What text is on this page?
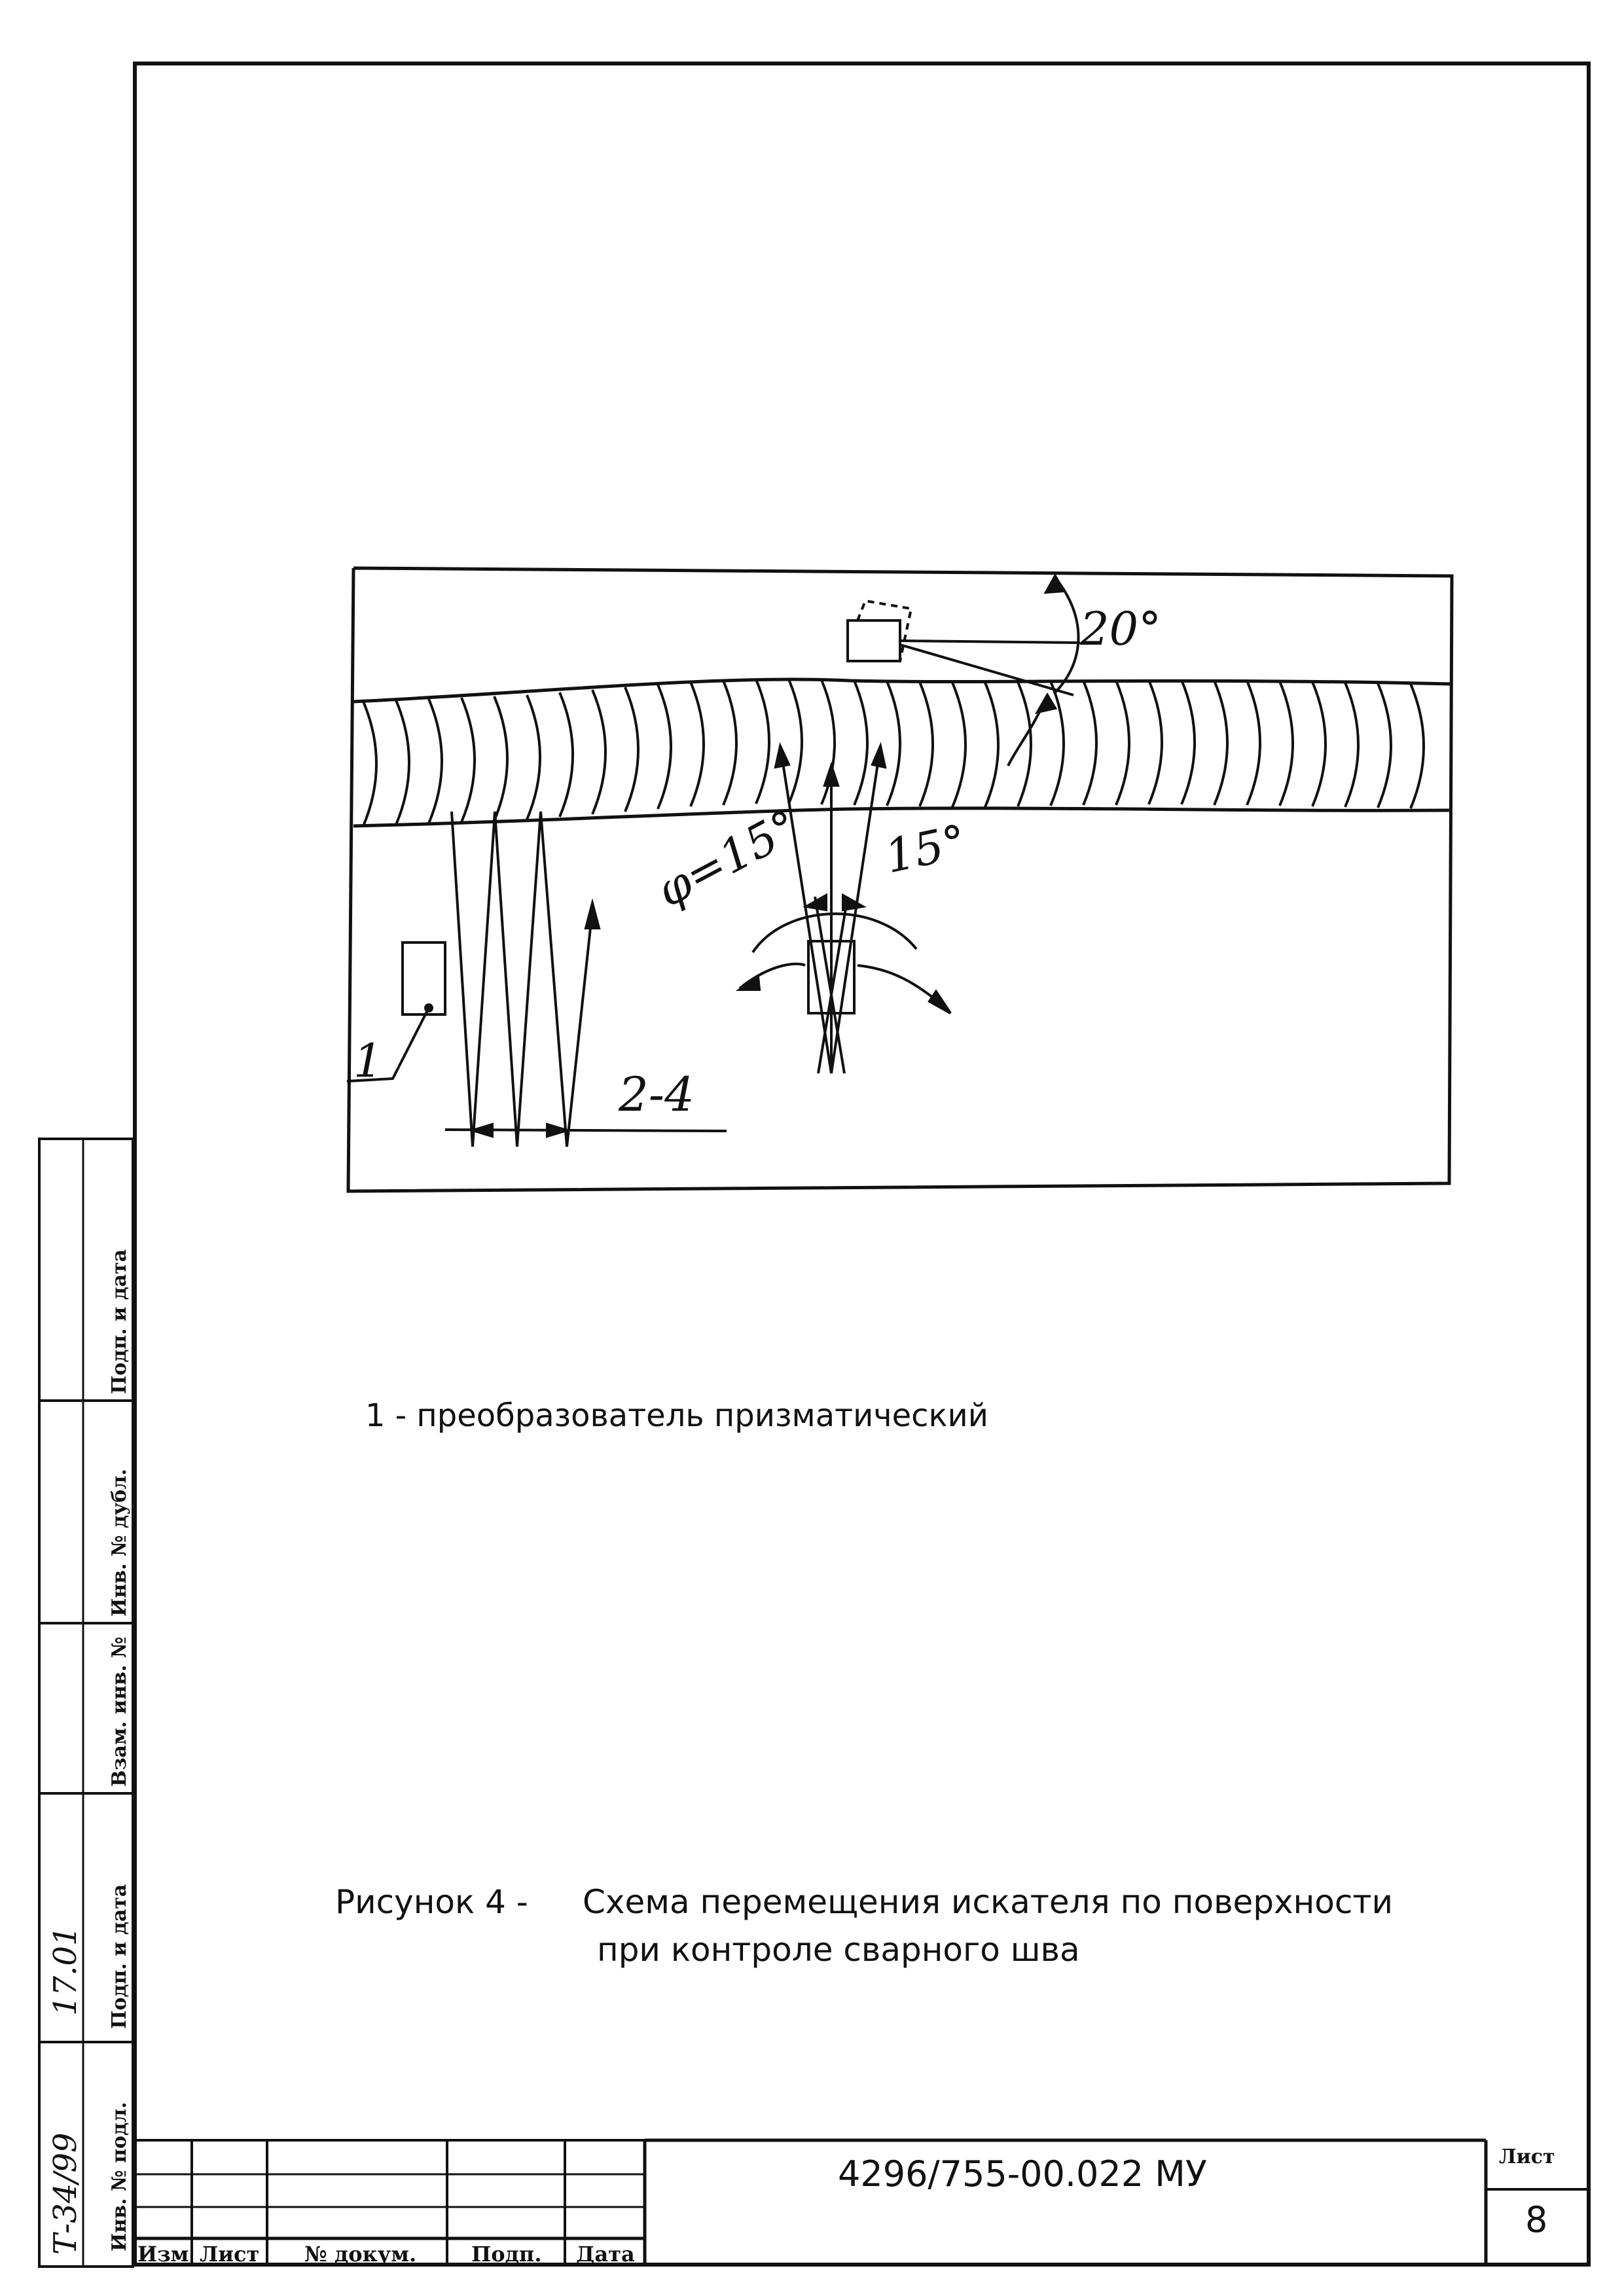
20°
φ=15° 15°
2-4
1
1 - преобразователь призматический
Рисунок 4 - Схема перемещения искателя по поверхности
при контроле сварного шва
4296/755-00.022 МУ	Лист
8
Изм Лист № докум.	Подп. Дата
Инв. № подл.
Подп. и дата
Взам. инв. №
Инв. № дубл.
Подп. и дата
Т-34/99
17.01
